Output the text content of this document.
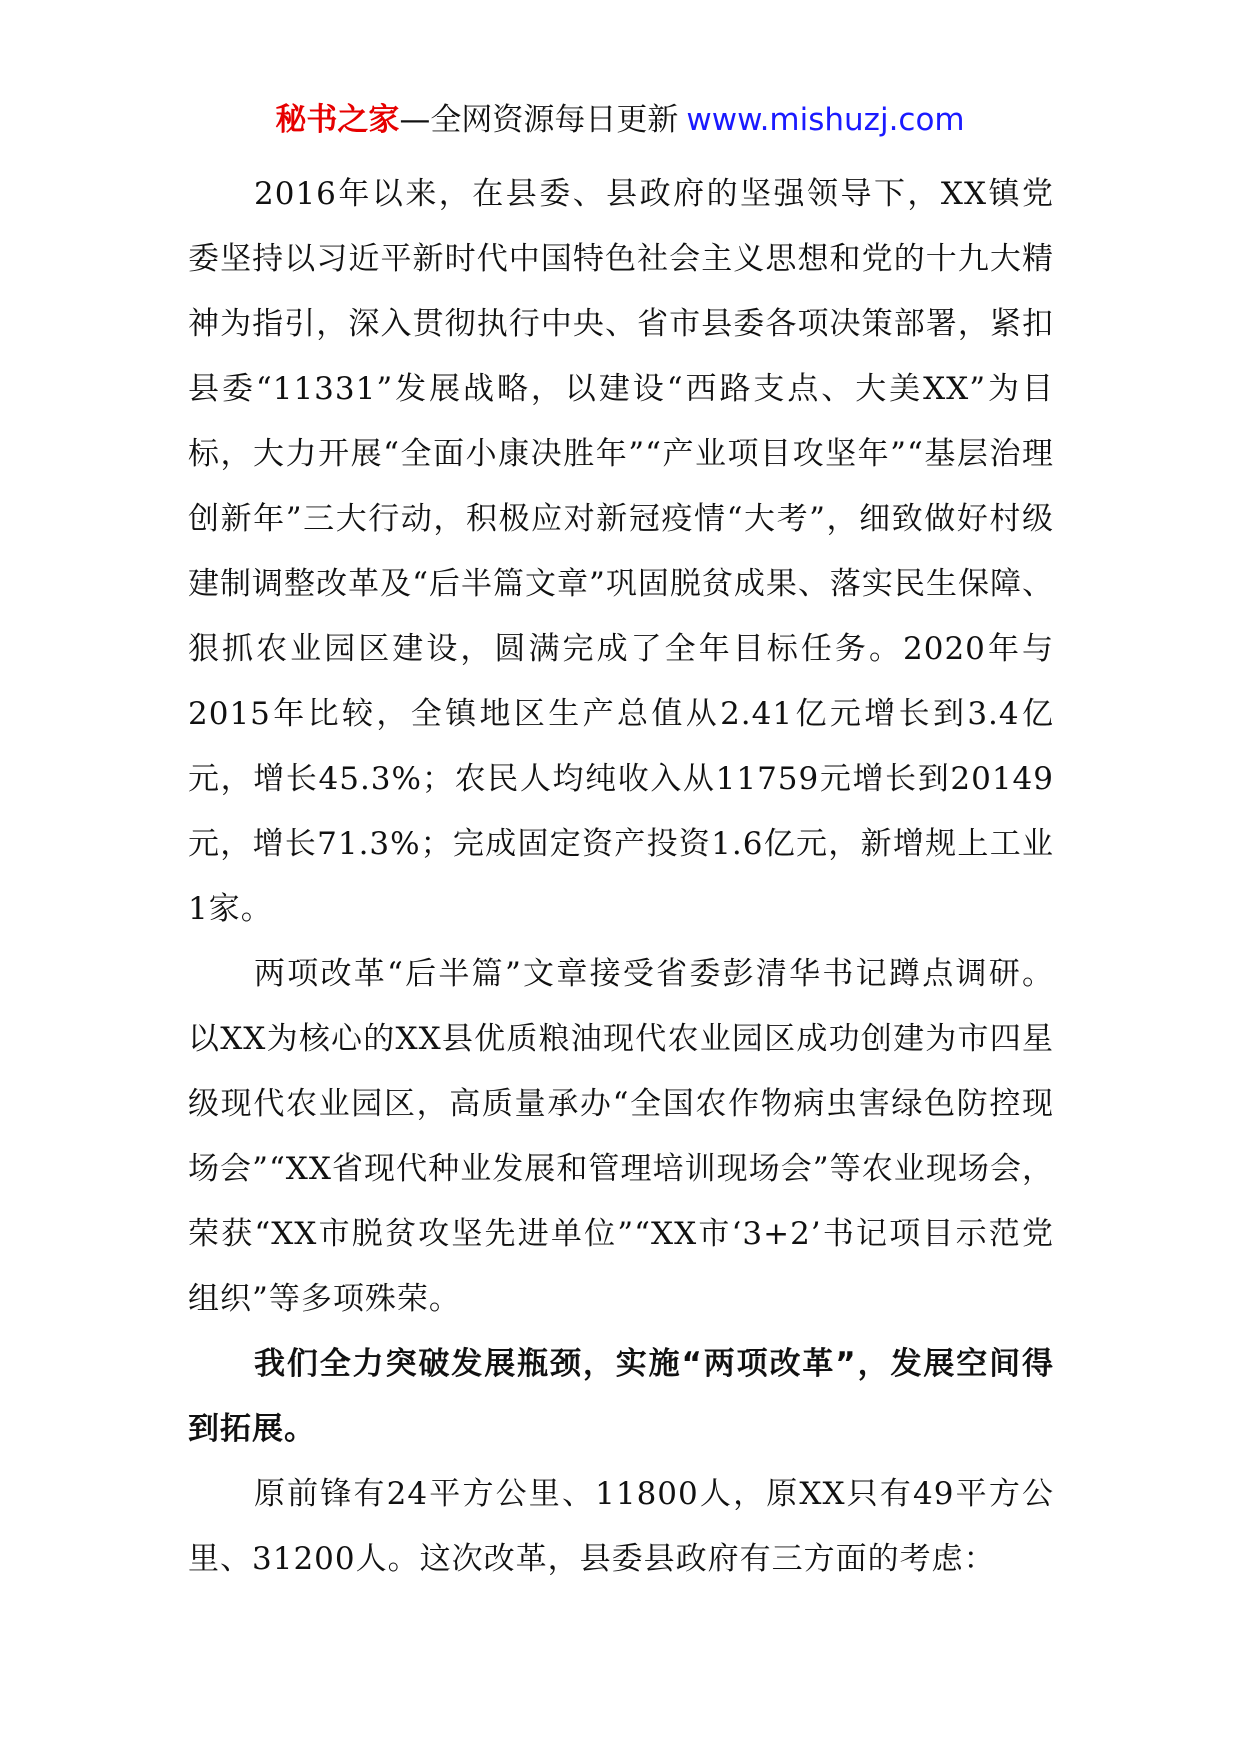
秘书之家—全网资源每日更新 www.mishuzj.com

2016年以来，在县委、县政府的坚强领导下，XX镇党委坚持以习近平新时代中国特色社会主义思想和党的十九大精神为指引，深入贯彻执行中央、省市县委各项决策部署，紧扣县委“11331”发展战略，以建设“西路支点、大美XX”为目标，大力开展“全面小康决胜年”“产业项目攻坚年”“基层治理创新年”三大行动，积极应对新冠疫情“大考”，细致做好村级建制调整改革及“后半篇文章”巩固脱贫成果、落实民生保障、狠抓农业园区建设，圆满完成了全年目标任务。2020年与2015年比较，全镇地区生产总值从2.41亿元增长到3.4亿元，增长45.3%；农民人均纯收入从11759元增长到20149元，增长71.3%；完成固定资产投资1.6亿元，新增规上工业1家。

两项改革“后半篇”文章接受省委彭清华书记蹲点调研。以XX为核心的XX县优质粮油现代农业园区成功创建为市四星级现代农业园区，高质量承办“全国农作物病虫害绿色防控现场会”“XX省现代种业发展和管理培训现场会”等农业现场会，荣获“XX市脱贫攻坚先进单位”“XX市‘3+2’书记项目示范党组织”等多项殊荣。

我们全力突破发展瓶颈，实施“两项改革”，发展空间得到拓展。

原前锋有24平方公里、11800人，原XX只有49平方公里、31200人。这次改革，县委县政府有三方面的考虑：
